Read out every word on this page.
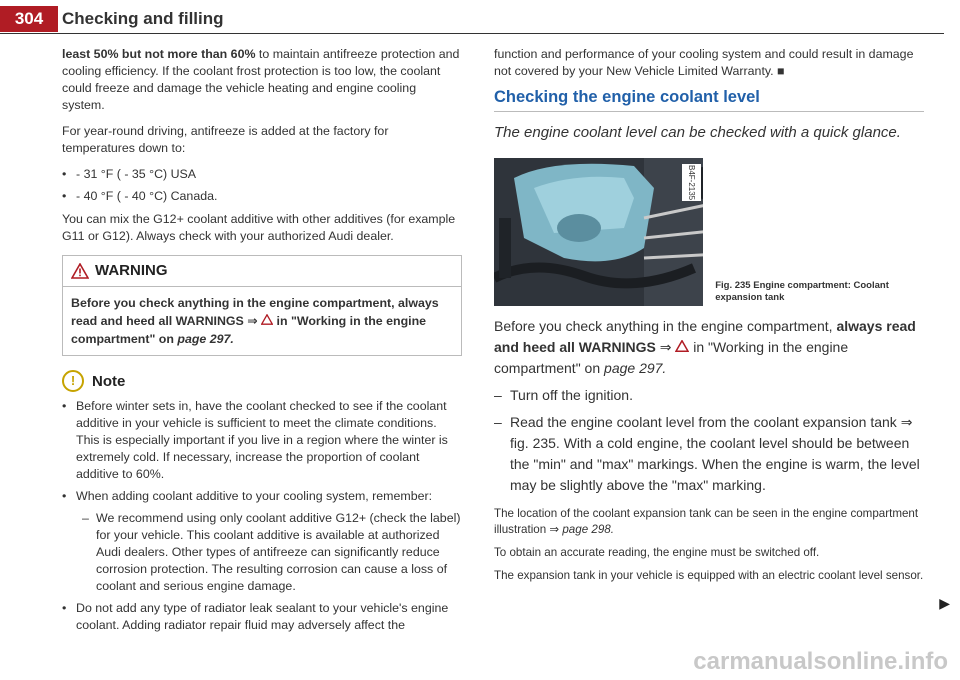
304	Checking and filling

least 50% but not more than 60% to maintain antifreeze protection and cooling efficiency. If the coolant frost protection is too low, the coolant could freeze and damage the vehicle heating and engine cooling system.

For year-round driving, antifreeze is added at the factory for temperatures down to:

• - 31 °F ( - 35 °C) USA
• - 40 °F ( - 40 °C) Canada.

You can mix the G12+ coolant additive with other additives (for example G11 or G12). Always check with your authorized Audi dealer.

WARNING
Before you check anything in the engine compartment, always read and heed all WARNINGS ⇒  in "Working in the engine compartment" on page 297.
!	Note
• Before winter sets in, have the coolant checked to see if the coolant additive in your vehicle is sufficient to meet the climate conditions. This is especially important if you live in a region where the winter is extremely cold. If necessary, increase the proportion of coolant additive to 60%.
• When adding coolant additive to your cooling system, remember:
– We recommend using only coolant additive G12+ (check the label) for your vehicle. This coolant additive is available at authorized Audi dealers. Other types of antifreeze can significantly reduce corrosion protection. The resulting corrosion can cause a loss of coolant and serious engine damage.
• Do not add any type of radiator leak sealant to your vehicle's engine coolant. Adding radiator repair fluid may adversely affect the

function and performance of your cooling system and could result in damage not covered by your New Vehicle Limited Warranty. ■

Checking the engine coolant level
The engine coolant level can be checked with a quick glance.
B4F-2135
Fig. 235 Engine compartment: Coolant expansion tank
Before you check anything in the engine compartment, always read and heed all WARNINGS ⇒  in "Working in the engine compartment" on page 297.
– Turn off the ignition.
– Read the engine coolant level from the coolant expansion tank ⇒ fig. 235. With a cold engine, the coolant level should be between the "min" and "max" markings. When the engine is warm, the level may be slightly above the "max" marking.

The location of the coolant expansion tank can be seen in the engine compartment illustration ⇒ page 298.

To obtain an accurate reading, the engine must be switched off.

The expansion tank in your vehicle is equipped with an electric coolant level sensor.

▶
carmanualsonline.info
